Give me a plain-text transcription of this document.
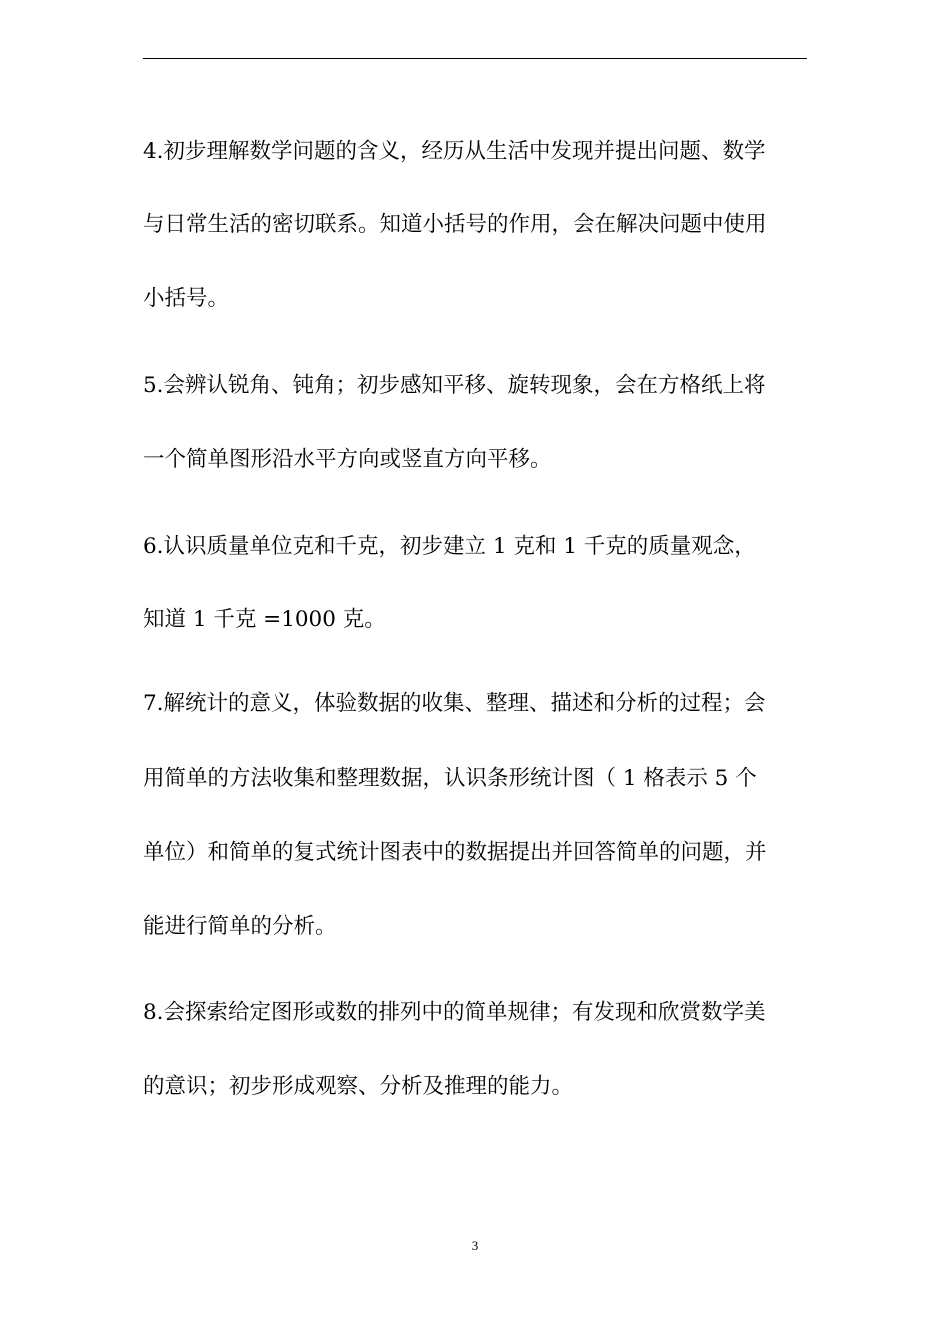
4.初步理解数学问题的含义，经历从生活中发现并提出问题、数学
与日常生活的密切联系。知道小括号的作用，会在解决问题中使用
小括号。
5.会辨认锐角、钝角；初步感知平移、旋转现象，会在方格纸上将
一个简单图形沿水平方向或竖直方向平移。
6.认识质量单位克和千克，初步建立 1 克和 1 千克的质量观念，
知道 1 千克 =1000 克。
7.解统计的意义，体验数据的收集、整理、描述和分析的过程；会
用简单的方法收集和整理数据，认识条形统计图（ 1 格表示 5 个
单位）和简单的复式统计图表中的数据提出并回答简单的问题，并
能进行简单的分析。
8.会探索给定图形或数的排列中的简单规律；有发现和欣赏数学美
的意识；初步形成观察、分析及推理的能力。
3
